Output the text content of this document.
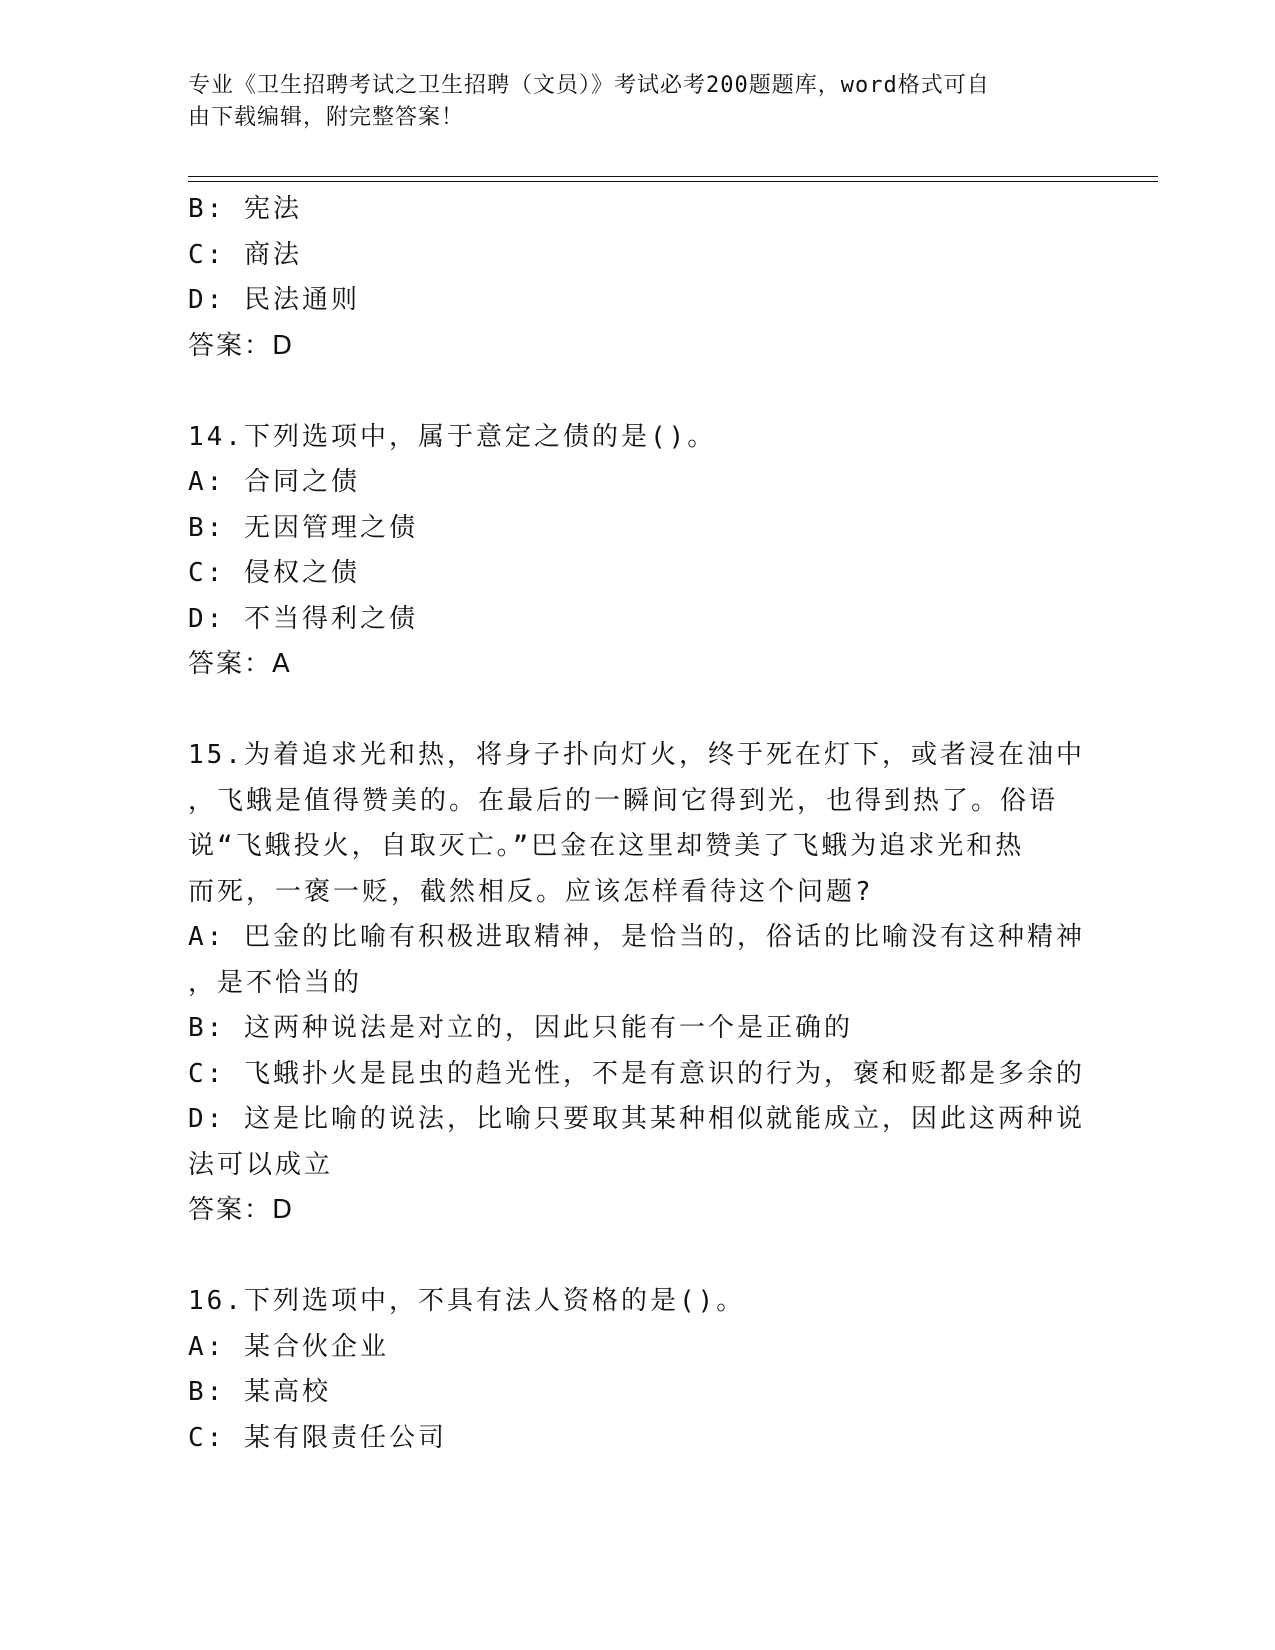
专业《卫生招聘考试之卫生招聘（文员）》考试必考200题题库，word格式可自
由下载编辑，附完整答案！
B: 宪法
C: 商法
D: 民法通则
答案：D
14.下列选项中，属于意定之债的是()。
A: 合同之债
B: 无因管理之债
C: 侵权之债
D: 不当得利之债
答案：A
15.为着追求光和热，将身子扑向灯火，终于死在灯下，或者浸在油中
，飞蛾是值得赞美的。在最后的一瞬间它得到光，也得到热了。俗语
说“飞蛾投火，自取灭亡。”巴金在这里却赞美了飞蛾为追求光和热
而死，一褒一贬，截然相反。应该怎样看待这个问题?
A: 巴金的比喻有积极进取精神，是恰当的，俗话的比喻没有这种精神
，是不恰当的
B: 这两种说法是对立的，因此只能有一个是正确的
C: 飞蛾扑火是昆虫的趋光性，不是有意识的行为，褒和贬都是多余的
D: 这是比喻的说法，比喻只要取其某种相似就能成立，因此这两种说
法可以成立
答案：D
16.下列选项中，不具有法人资格的是()。
A: 某合伙企业
B: 某高校
C: 某有限责任公司
